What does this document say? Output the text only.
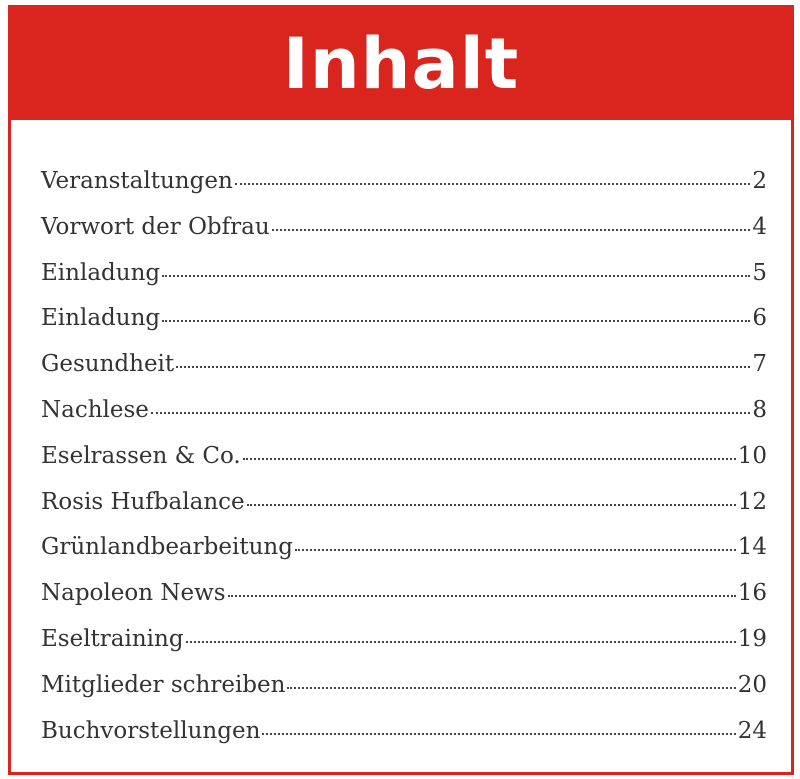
Inhalt
Veranstaltungen	2
Vorwort der Obfrau	4
Einladung	5
Einladung	6
Gesundheit	7
Nachlese	8
Eselrassen & Co.	10
Rosis Hufbalance	12
Grünlandbearbeitung	14
Napoleon News	16
Eseltraining	19
Mitglieder schreiben	20
Buchvorstellungen	24
